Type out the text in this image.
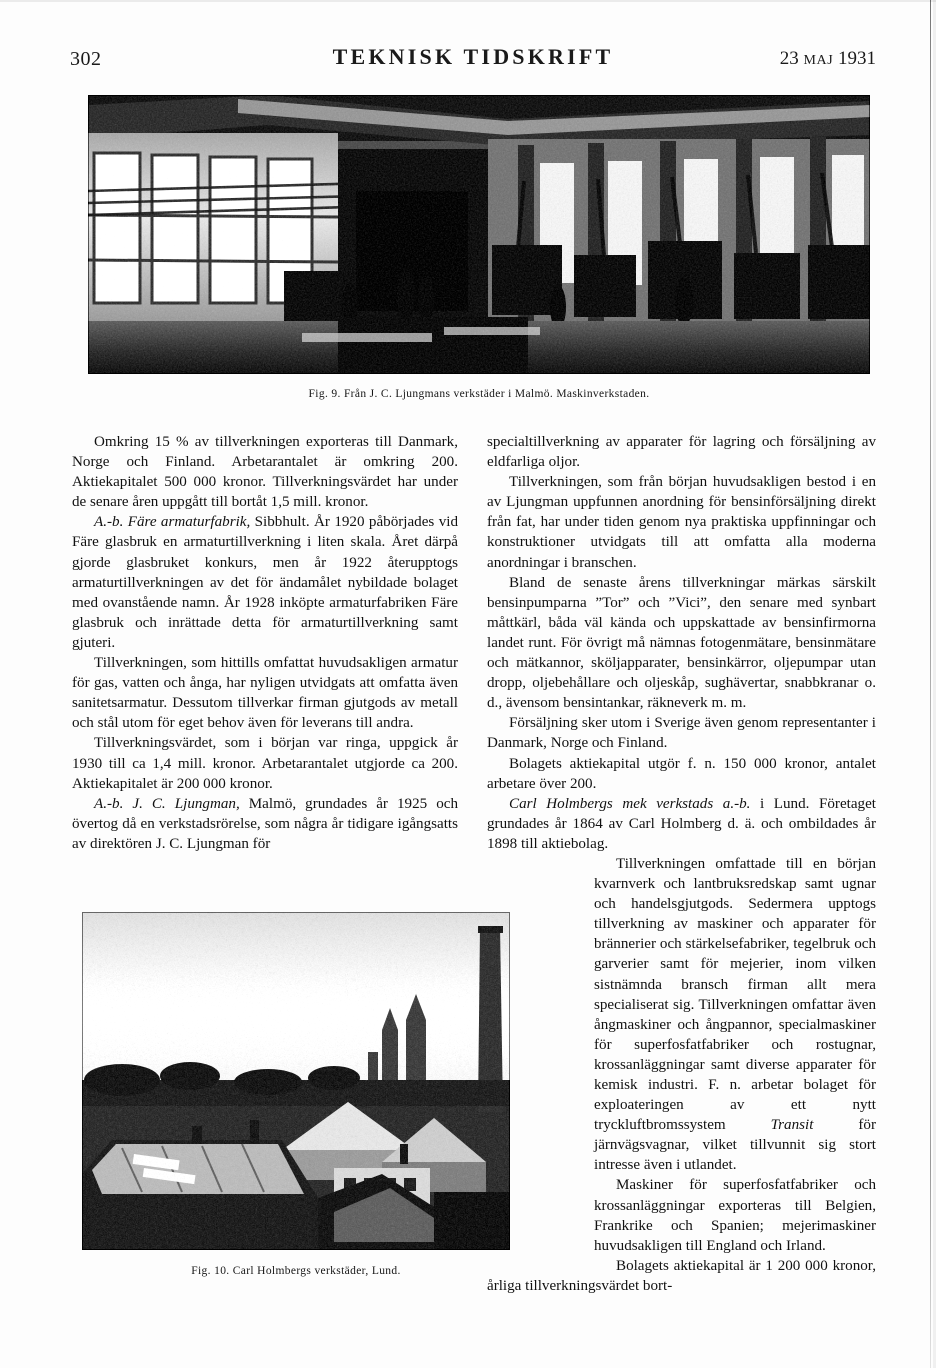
302	TEKNISK TIDSKRIFT	23 MAJ 1931
Fig. 9. Från J. C. Ljungmans verkstäder i Malmö. Maskinverkstaden.
Fig. 10. Carl Holmbergs verkstäder, Lund.

Omkring 15 % av tillverkningen exporteras till Danmark, Norge och Finland. Arbetarantalet är omkring 200. Aktiekapitalet 500 000 kronor. Tillverkningsvärdet har under de senare åren uppgått till bortåt 1,5 mill. kronor.

A.-b. Färe armaturfabrik, Sibbhult. År 1920 påbörjades vid Färe glasbruk en armaturtillverkning i liten skala. Året därpå gjorde glasbruket konkurs, men år 1922 återupptogs armaturtillverkningen av det för ändamålet nybildade bolaget med ovanstående namn. År 1928 inköpte armaturfabriken Färe glasbruk och inrättade detta för armaturtillverkning samt gjuteri.

Tillverkningen, som hittills omfattat huvudsakligen armatur för gas, vatten och ånga, har nyligen utvidgats att omfatta även sanitetsarmatur. Dessutom tillverkar firman gjutgods av metall och stål utom för eget behov även för leverans till andra.

Tillverkningsvärdet, som i början var ringa, uppgick år 1930 till ca 1,4 mill. kronor. Arbetarantalet utgjorde ca 200. Aktiekapitalet är 200 000 kronor.

A.-b. J. C. Ljungman, Malmö, grundades år 1925 och övertog då en verkstadsrörelse, som några år tidigare igångsatts av direktören J. C. Ljungman för

specialtillverkning av apparater för lagring och försäljning av eldfarliga oljor.

Tillverkningen, som från början huvudsakligen bestod i en av Ljungman uppfunnen anordning för bensinförsäljning direkt från fat, har under tiden genom nya praktiska uppfinningar och konstruktioner utvidgats till att omfatta alla moderna anordningar i branschen.

Bland de senaste årens tillverkningar märkas särskilt bensinpumparna ”Tor” och ”Vici”, den senare med synbart måttkärl, båda väl kända och uppskattade av bensinfirmorna landet runt. För övrigt må nämnas fotogenmätare, bensinmätare och mätkannor, sköljapparater, bensinkärror, oljepumpar utan dropp, oljebehållare och oljeskåp, sughävertar, snabbkranar o. d., ävensom bensintankar, räkneverk m. m.

Försäljning sker utom i Sverige även genom representanter i Danmark, Norge och Finland.

Bolagets aktiekapital utgör f. n. 150 000 kronor, antalet arbetare över 200.

Carl Holmbergs mek verkstads a.-b. i Lund. Företaget grundades år 1864 av Carl Holmberg d. ä. och ombildades år 1898 till aktiebolag.

Tillverkningen omfattade till en början kvarnverk och lantbruksredskap samt ugnar och handelsgjutgods. Sedermera upptogs tillverkning av maskiner och apparater för brännerier och stärkelsefabriker, tegelbruk och garverier samt för mejerier, inom vilken sistnämnda bransch firman allt mera specialiserat sig. Tillverkningen omfattar även ångmaskiner och ångpannor, specialmaskiner för superfosfatfabriker och rostugnar, krossanläggningar samt diverse apparater för kemisk industri. F. n. arbetar bolaget för exploateringen av ett nytt tryckluftbromssystem Transit för järnvägsvagnar, vilket tillvunnit sig stort intresse även i utlandet.

Maskiner för superfosfatfabriker och krossanläggningar exporteras till Belgien, Frankrike och Spanien; mejerimaskiner huvudsakligen till England och Irland.

Bolagets aktiekapital är 1 200 000 kronor, årliga tillverkningsvärdet bort-
